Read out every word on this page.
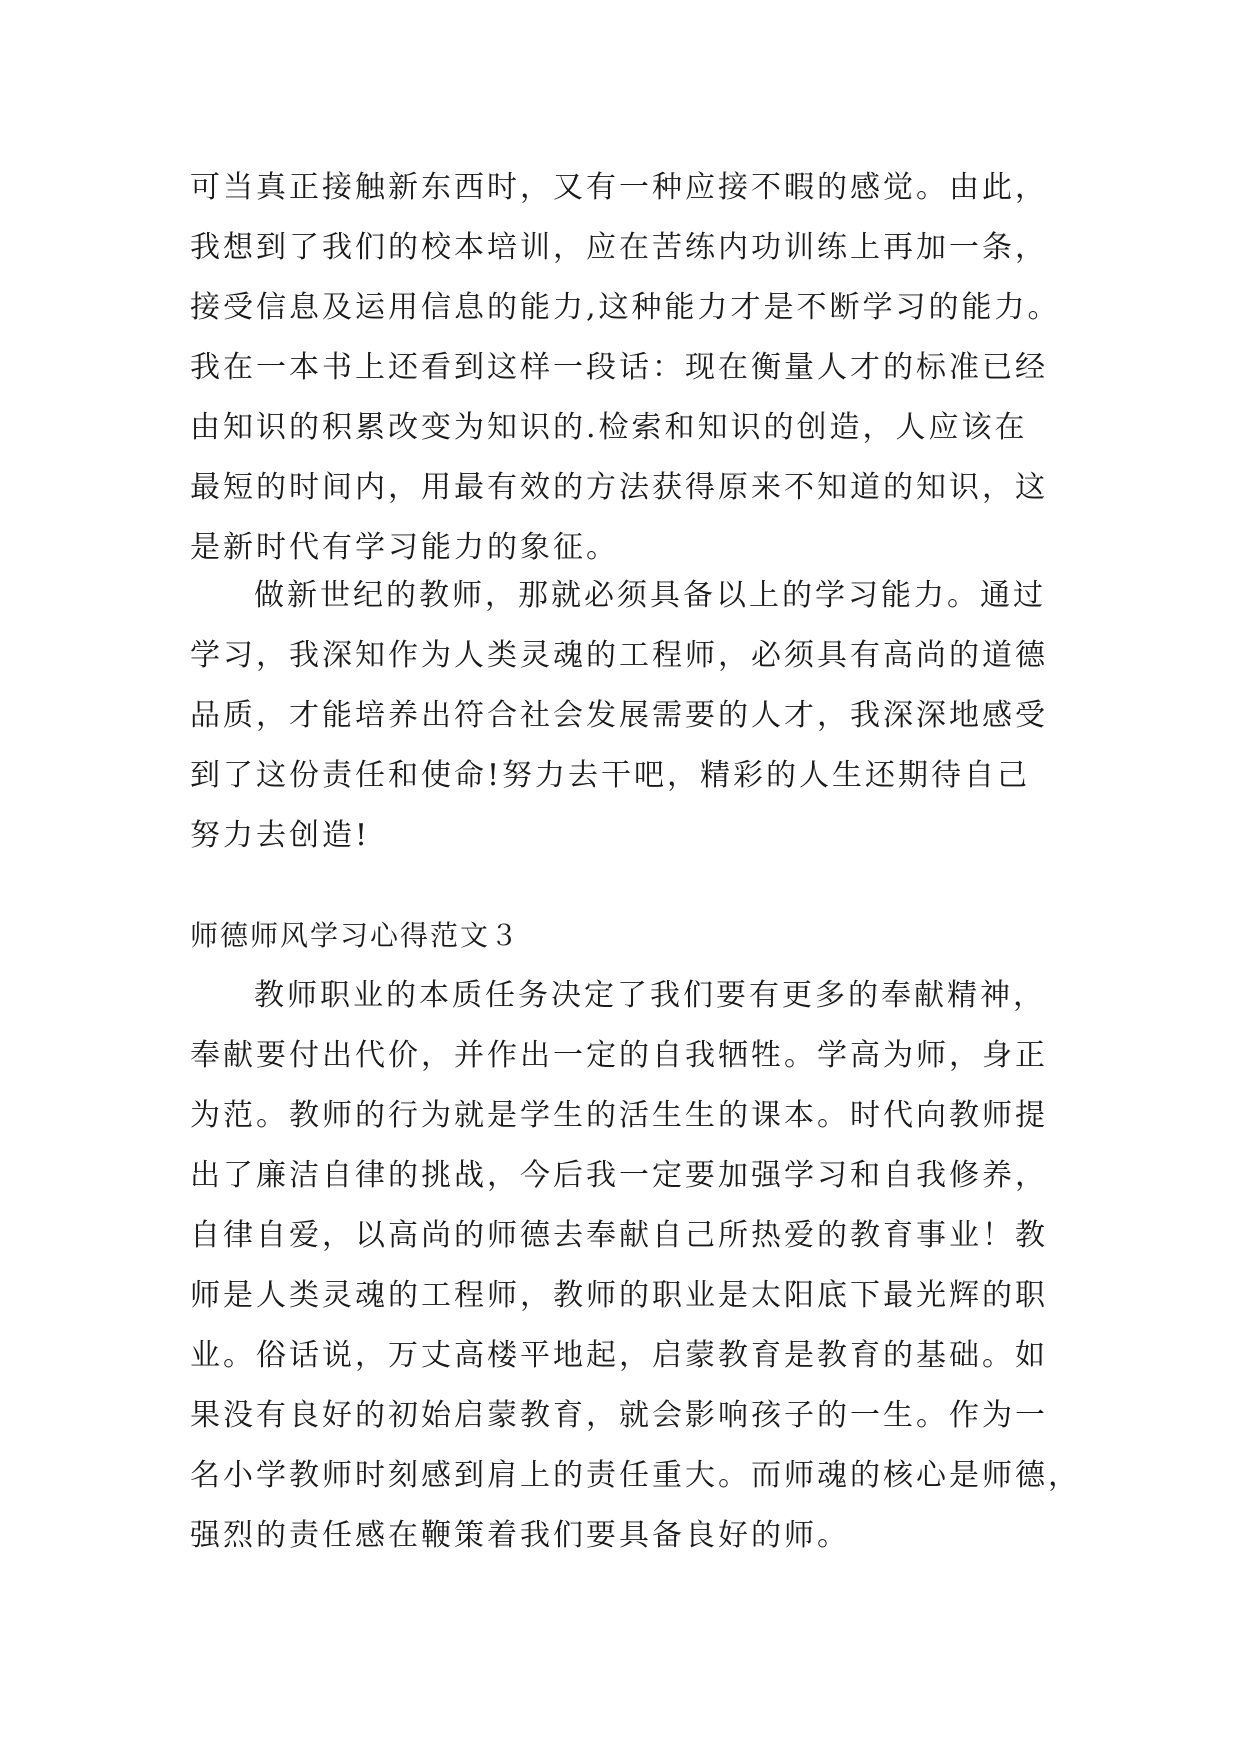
可当真正接触新东西时，又有一种应接不暇的感觉。由此，
我想到了我们的校本培训，应在苦练内功训练上再加一条，
接受信息及运用信息的能力,这种能力才是不断学习的能力。
我在一本书上还看到这样一段话：现在衡量人才的标准已经
由知识的积累改变为知识的.检索和知识的创造，人应该在
最短的时间内，用最有效的方法获得原来不知道的知识，这
是新时代有学习能力的象征。
做新世纪的教师，那就必须具备以上的学习能力。通过
学习，我深知作为人类灵魂的工程师，必须具有高尚的道德
品质，才能培养出符合社会发展需要的人才，我深深地感受
到了这份责任和使命!努力去干吧，精彩的人生还期待自己
努力去创造!
师德师风学习心得范文３
教师职业的本质任务决定了我们要有更多的奉献精神，
奉献要付出代价，并作出一定的自我牺牲。学高为师，身正
为范。教师的行为就是学生的活生生的课本。时代向教师提
出了廉洁自律的挑战，今后我一定要加强学习和自我修养，
自律自爱，以高尚的师德去奉献自己所热爱的教育事业！教
师是人类灵魂的工程师，教师的职业是太阳底下最光辉的职
业。俗话说，万丈高楼平地起，启蒙教育是教育的基础。如
果没有良好的初始启蒙教育，就会影响孩子的一生。作为一
名小学教师时刻感到肩上的责任重大。而师魂的核心是师德，
强烈的责任感在鞭策着我们要具备良好的师。
